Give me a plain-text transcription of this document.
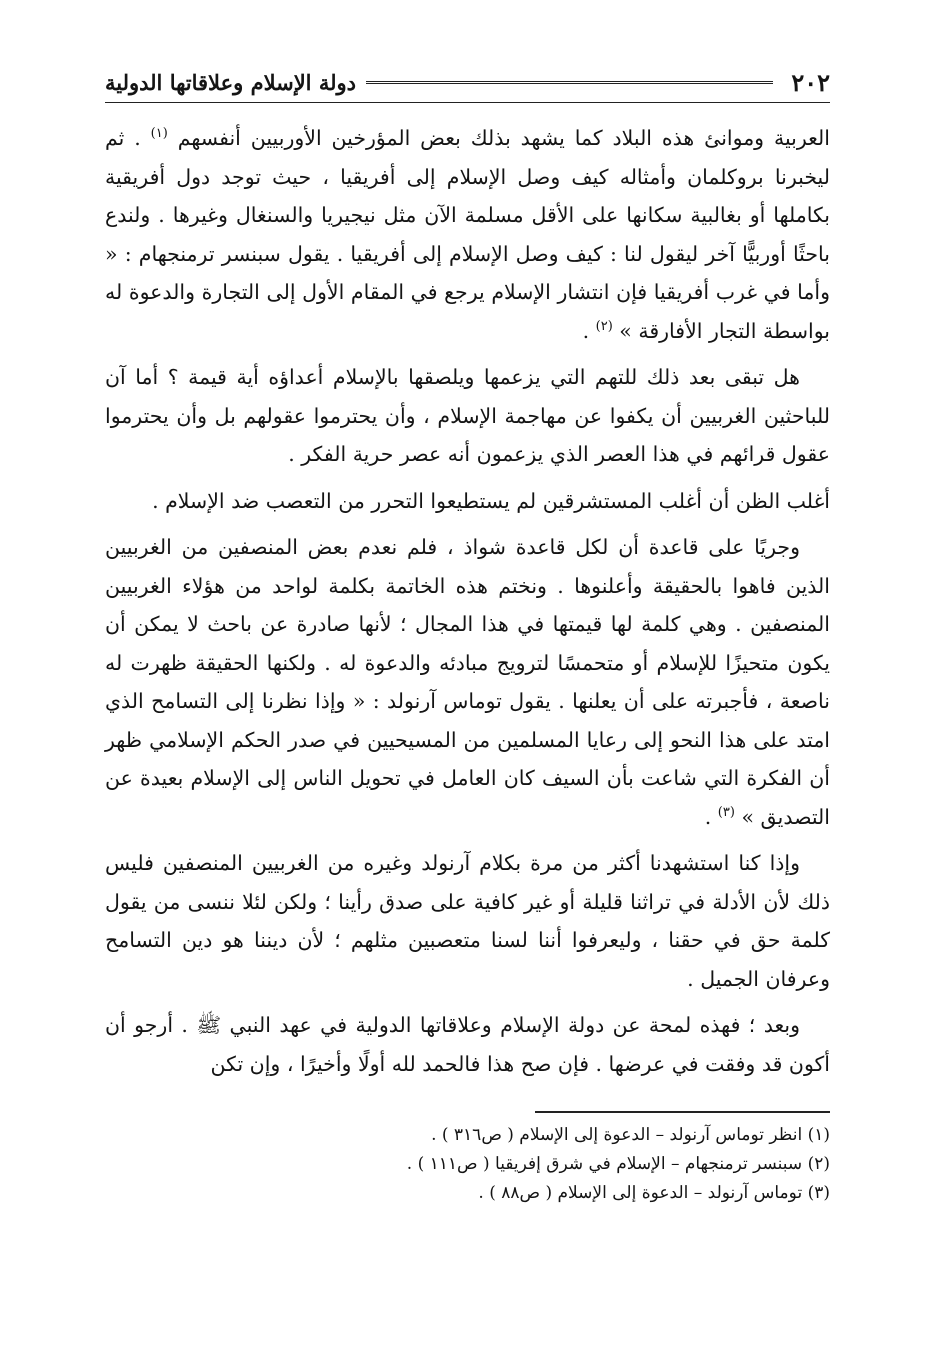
٢٠٢
دولة الإسلام وعلاقاتها الدولية

العربية وموانئ هذه البلاد كما يشهد بذلك بعض المؤرخين الأوربيين أنفسهم $^{(١)}$ . ثم ليخبرنا بروكلمان وأمثاله كيف وصل الإسلام إلى أفريقيا ، حيث توجد دول أفريقية بكاملها أو بغالبية سكانها على الأقل مسلمة الآن مثل نيجيريا والسنغال وغيرها . ولندع باحثًا أوربيًّا آخر ليقول لنا : كيف وصل الإسلام إلى أفريقيا . يقول سبنسر ترمنجهام : « وأما في غرب أفريقيا فإن انتشار الإسلام يرجع في المقام الأول إلى التجارة والدعوة له بواسطة التجار الأفارقة » $^{(٢)}$ .

هل تبقى بعد ذلك للتهم التي يزعمها ويلصقها بالإسلام أعداؤه أية قيمة ؟ أما آن للباحثين الغربيين أن يكفوا عن مهاجمة الإسلام ، وأن يحترموا عقولهم بل وأن يحترموا عقول قرائهم في هذا العصر الذي يزعمون أنه عصر حرية الفكر .

أغلب الظن أن أغلب المستشرقين لم يستطيعوا التحرر من التعصب ضد الإسلام .

وجريًا على قاعدة أن لكل قاعدة شواذ ، فلم نعدم بعض المنصفين من الغربيين الذين فاهوا بالحقيقة وأعلنوها . ونختم هذه الخاتمة بكلمة لواحد من هؤلاء الغربيين المنصفين . وهي كلمة لها قيمتها في هذا المجال ؛ لأنها صادرة عن باحث لا يمكن أن يكون متحيزًا للإسلام أو متحمسًا لترويج مبادئه والدعوة له . ولكنها الحقيقة ظهرت له ناصعة ، فأجبرته على أن يعلنها . يقول توماس آرنولد : « وإذا نظرنا إلى التسامح الذي امتد على هذا النحو إلى رعايا المسلمين من المسيحيين في صدر الحكم الإسلامي ظهر أن الفكرة التي شاعت بأن السيف كان العامل في تحويل الناس إلى الإسلام بعيدة عن التصديق » $^{(٣)}$ .

وإذا كنا استشهدنا أكثر من مرة بكلام آرنولد وغيره من الغربيين المنصفين فليس ذلك لأن الأدلة في تراثنا قليلة أو غير كافية على صدق رأينا ؛ ولكن لئلا ننسى من يقول كلمة حق في حقنا ، وليعرفوا أننا لسنا متعصبين مثلهم ؛ لأن ديننا هو دين التسامح وعرفان الجميل .

وبعد ؛ فهذه لمحة عن دولة الإسلام وعلاقاتها الدولية في عهد النبي ﷺ . أرجو أن أكون قد وفقت في عرضها . فإن صح هذا فالحمد لله أولًا وأخيرًا ، وإن تكن

(١) انظر توماس آرنولد – الدعوة إلى الإسلام ( ص٣١٦ ) .

(٢) سبنسر ترمنجهام – الإسلام في شرق إفريقيا ( ص١١١ ) .

(٣) توماس آرنولد – الدعوة إلى الإسلام ( ص٨٨ ) .
